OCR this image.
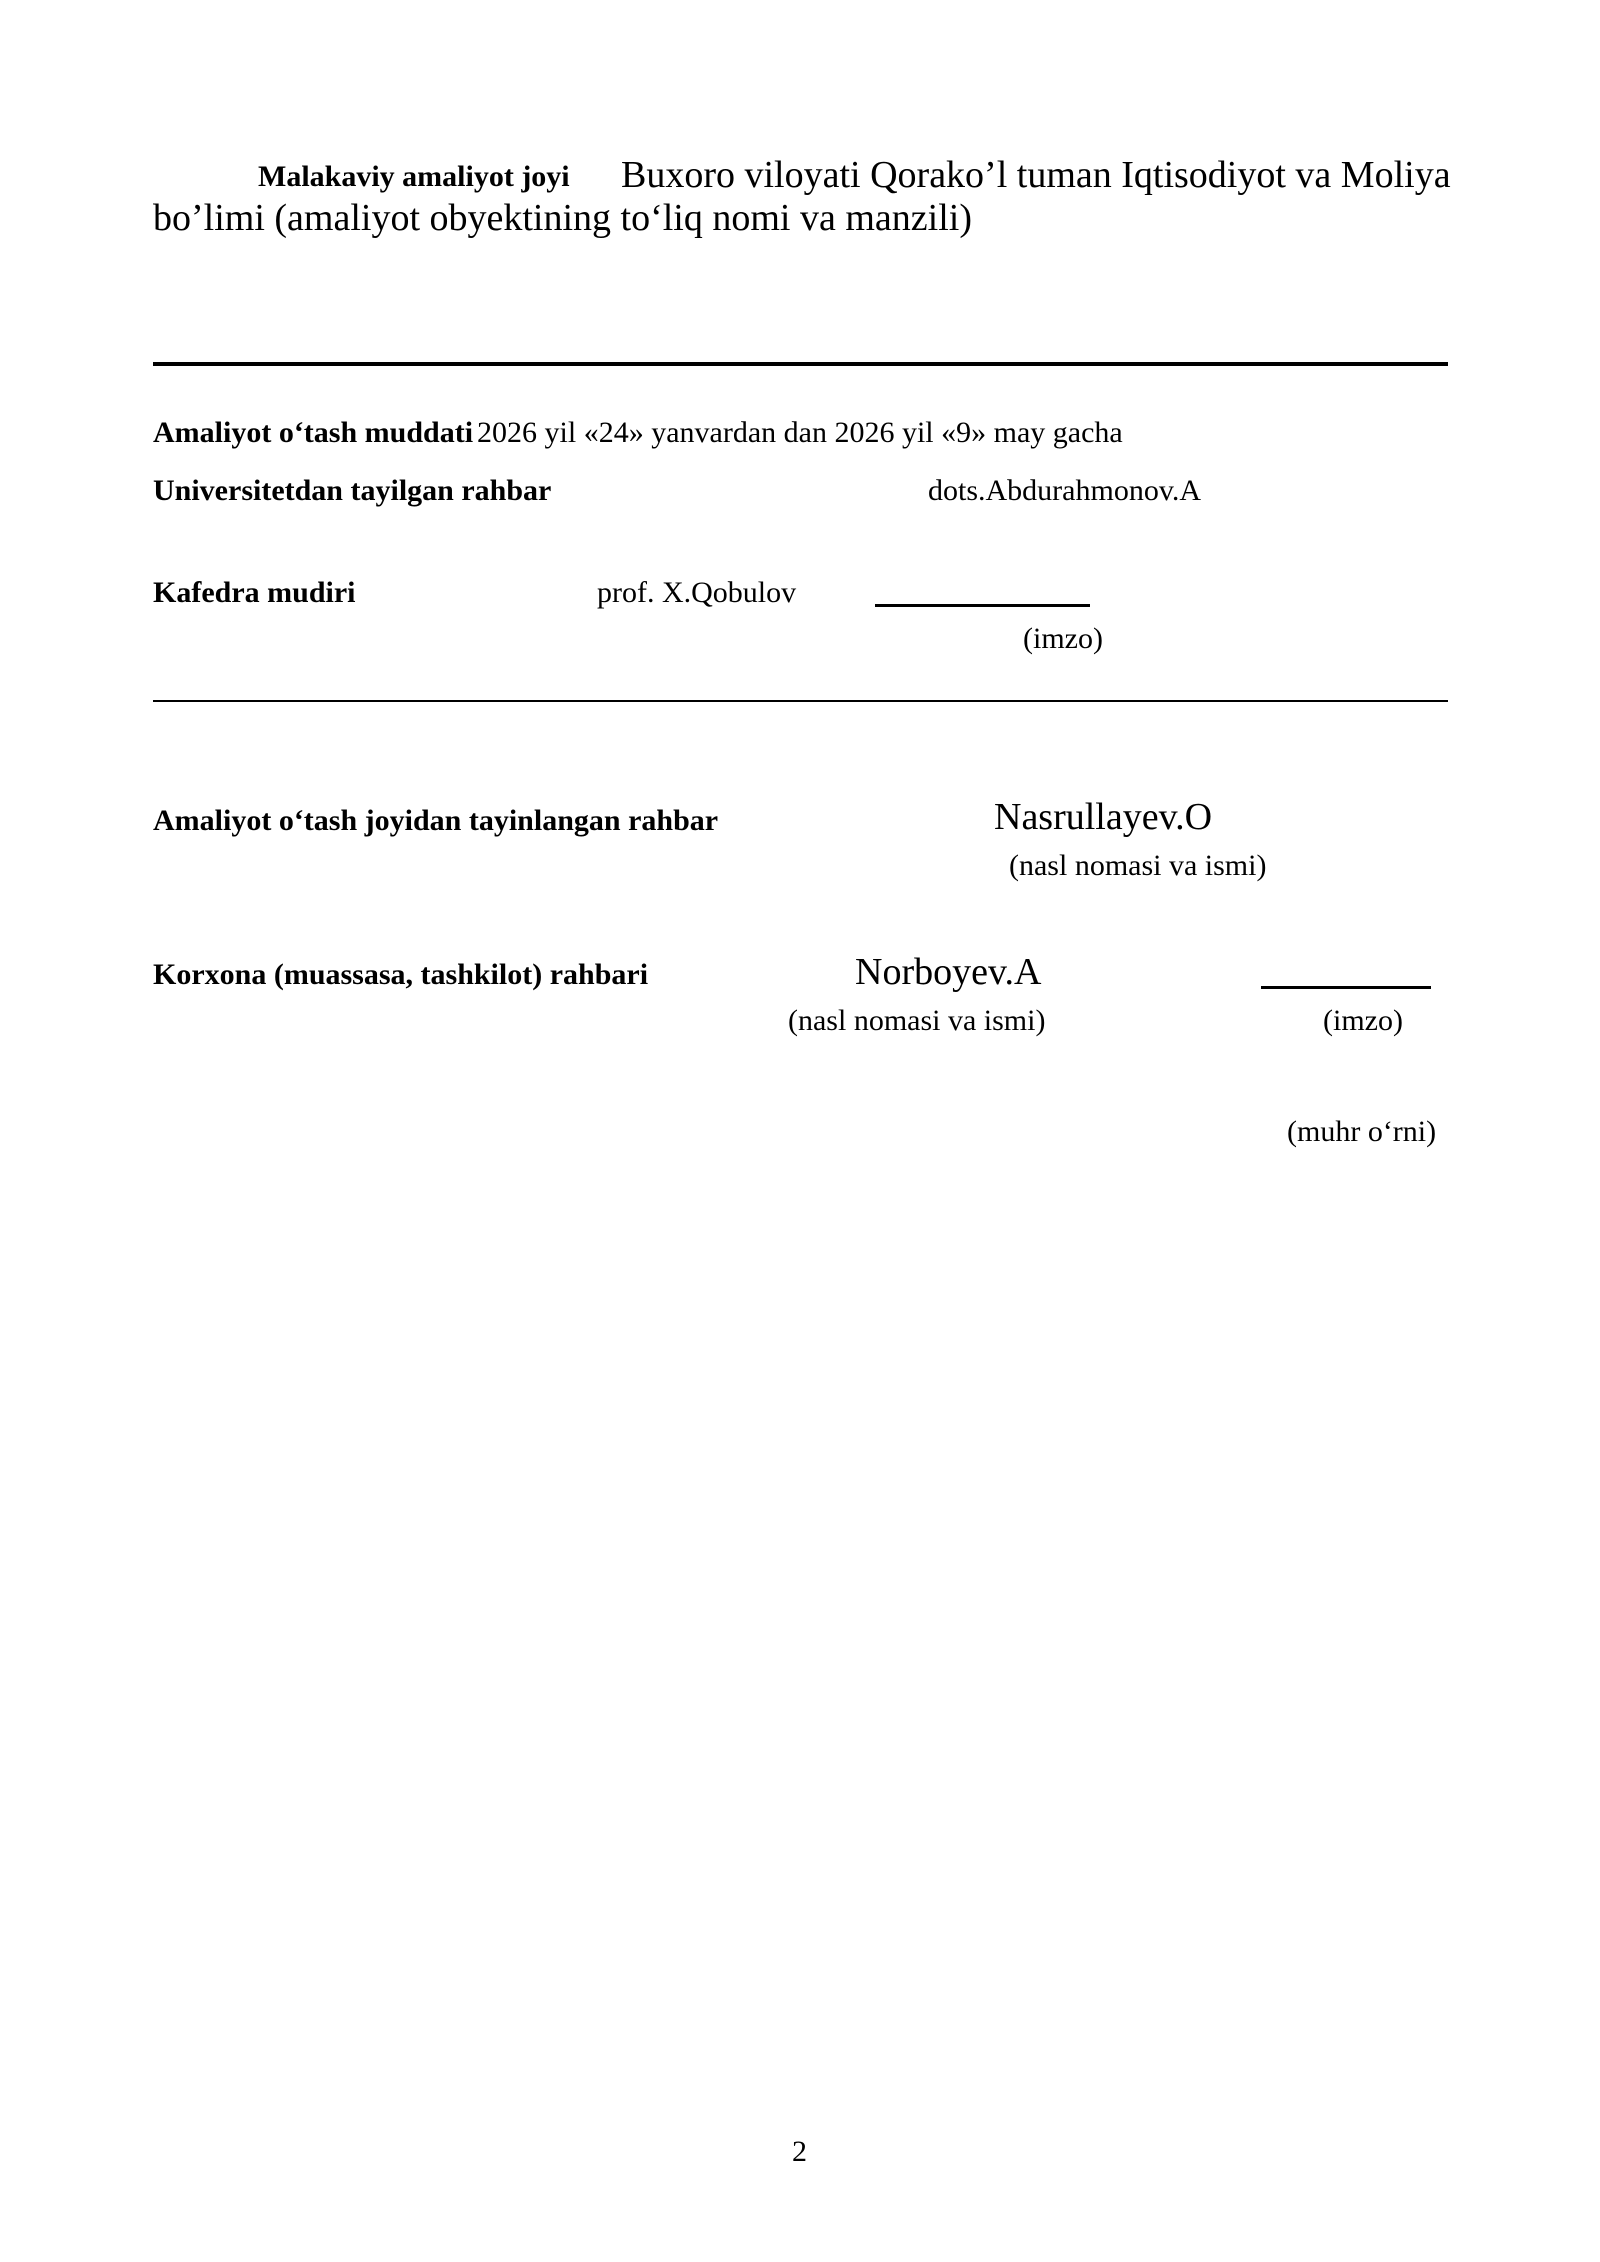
Malakaviy amaliyot joyi Buxoro viloyati Qorako’l tuman Iqtisodiyot va Moliya
bo’limi (amaliyot obyektining to‘liq nomi va manzili)
Amaliyot o‘tash muddati 2026 yil «24» yanvardan dan 2026 yil «9» may gacha
Universitetdan tayilgan rahbar	dots.Abdurahmonov.A
Kafedra mudiri	prof. X.Qobulov
(imzo)
Amaliyot o‘tash joyidan tayinlangan rahbar	Nasrullayev.O
(nasl nomasi va ismi)
Korxona (muassasa, tashkilot) rahbari	Norboyev.A
(nasl nomasi va ismi)	(imzo)
(muhr o‘rni)
2
